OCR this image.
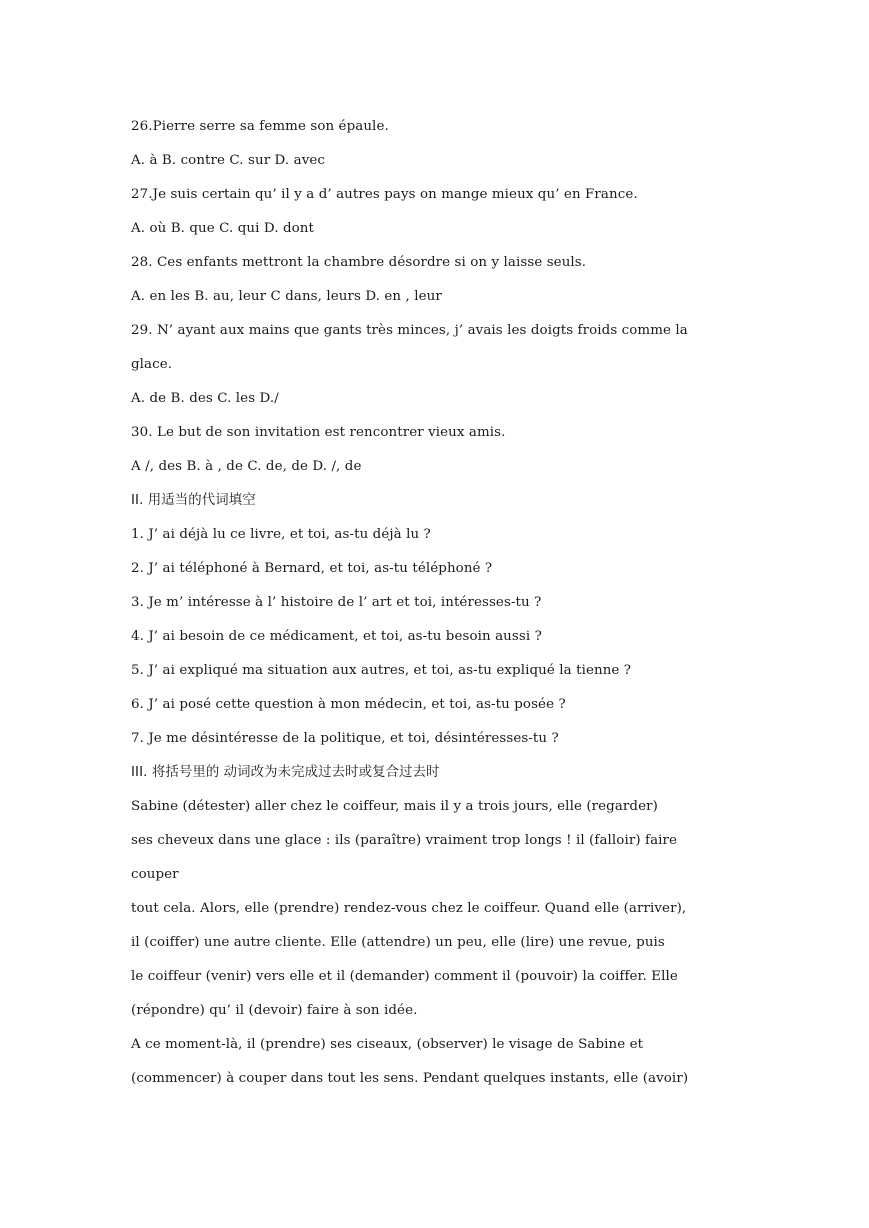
26.Pierre serre sa femme son épaule.
A. à B. contre C. sur D. avec
27.Je suis certain qu’ il y a d’ autres pays on mange mieux qu’ en France.
A. où B. que C. qui D. dont
28. Ces enfants mettront la chambre désordre si on y laisse seuls.
A. en les B. au, leur C dans, leurs D. en , leur
29. N’ ayant aux mains que gants très minces, j’ avais les doigts froids comme la
glace.
A. de B. des C. les D./
30. Le but de son invitation est rencontrer vieux amis.
A /, des B. à , de C. de, de D. /, de
II. 用适当的代词填空
1. J’ ai déjà lu ce livre, et toi, as-tu déjà lu ?
2. J’ ai téléphoné à Bernard, et toi, as-tu téléphoné ?
3. Je m’ intéresse à l’ histoire de l’ art et toi, intéresses-tu ?
4. J’ ai besoin de ce médicament, et toi, as-tu besoin aussi ?
5. J’ ai expliqué ma situation aux autres, et toi, as-tu expliqué la tienne ?
6. J’ ai posé cette question à mon médecin, et toi, as-tu posée ?
7. Je me désintéresse de la politique, et toi, désintéresses-tu ?
III. 将括号里的 动词改为未完成过去时或复合过去时
Sabine (détester) aller chez le coiffeur, mais il y a trois jours, elle (regarder)
ses cheveux dans une glace : ils (paraître) vraiment trop longs ! il (falloir) faire
couper
tout cela. Alors, elle (prendre) rendez-vous chez le coiffeur. Quand elle (arriver),
il (coiffer) une autre cliente. Elle (attendre) un peu, elle (lire) une revue, puis
le coiffeur (venir) vers elle et il (demander) comment il (pouvoir) la coiffer. Elle
(répondre) qu’ il (devoir) faire à son idée.
A ce moment-là, il (prendre) ses ciseaux, (observer) le visage de Sabine et
(commencer) à couper dans tout les sens. Pendant quelques instants, elle (avoir)
